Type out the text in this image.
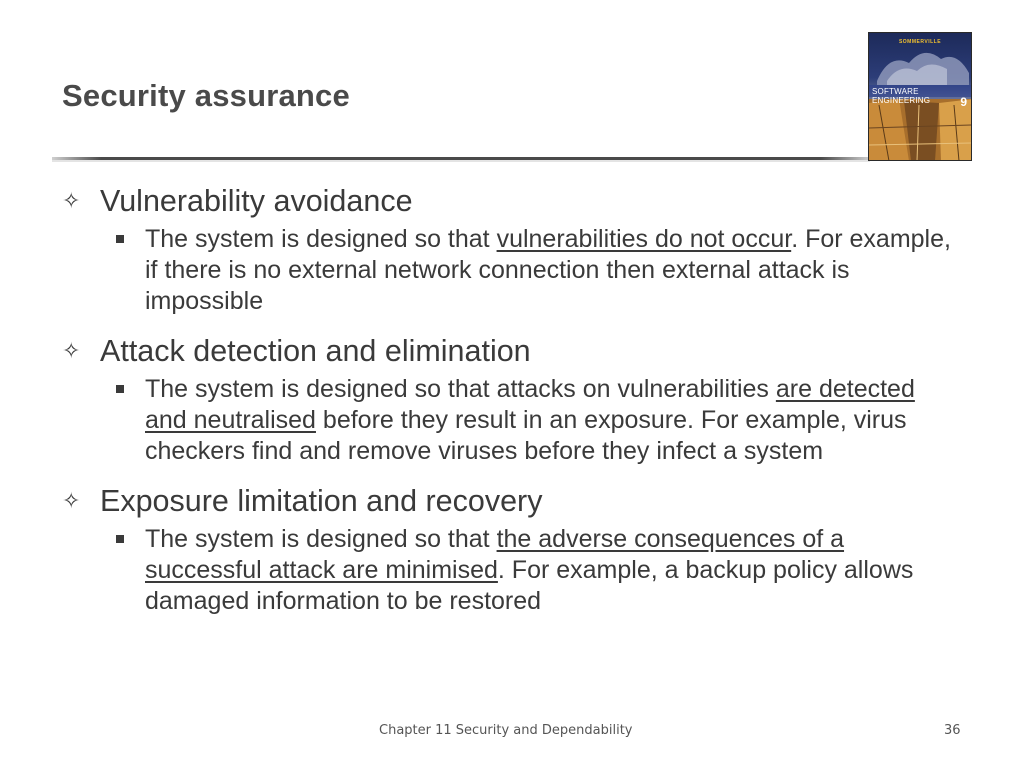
Security assurance
SOMMERVILLE
SOFTWARE ENGINEERING	9
✧ Vulnerability avoidance
The system is designed so that vulnerabilities do not occur. For example, if there is no external network connection then external attack is impossible
✧ Attack detection and elimination
The system is designed so that attacks on vulnerabilities are detected and neutralised before they result in an exposure. For example, virus checkers find and remove viruses before they infect a system
✧ Exposure limitation and recovery
The system is designed so that the adverse consequences of a successful attack are minimised. For example, a backup policy allows damaged information to be restored
Chapter 11 Security and Dependability	36
